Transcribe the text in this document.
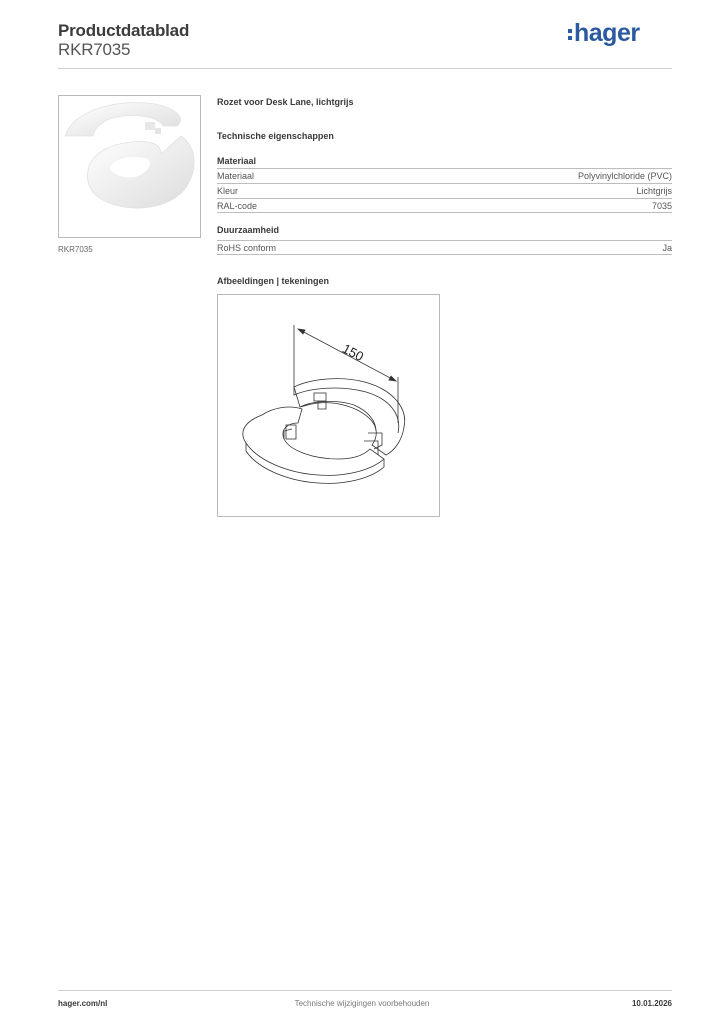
Productdatablad
RKR7035
hager
RKR7035
Rozet voor Desk Lane, lichtgrijs
Technische eigenschappen
Materiaal
Materiaal	Polyvinylchloride (PVC)
Kleur	Lichtgrijs
RAL-code	7035
Duurzaamheid
RoHS conform	Ja
Afbeeldingen | tekeningen
150
hager.com/nl	Technische wijzigingen voorbehouden	10.01.2026
